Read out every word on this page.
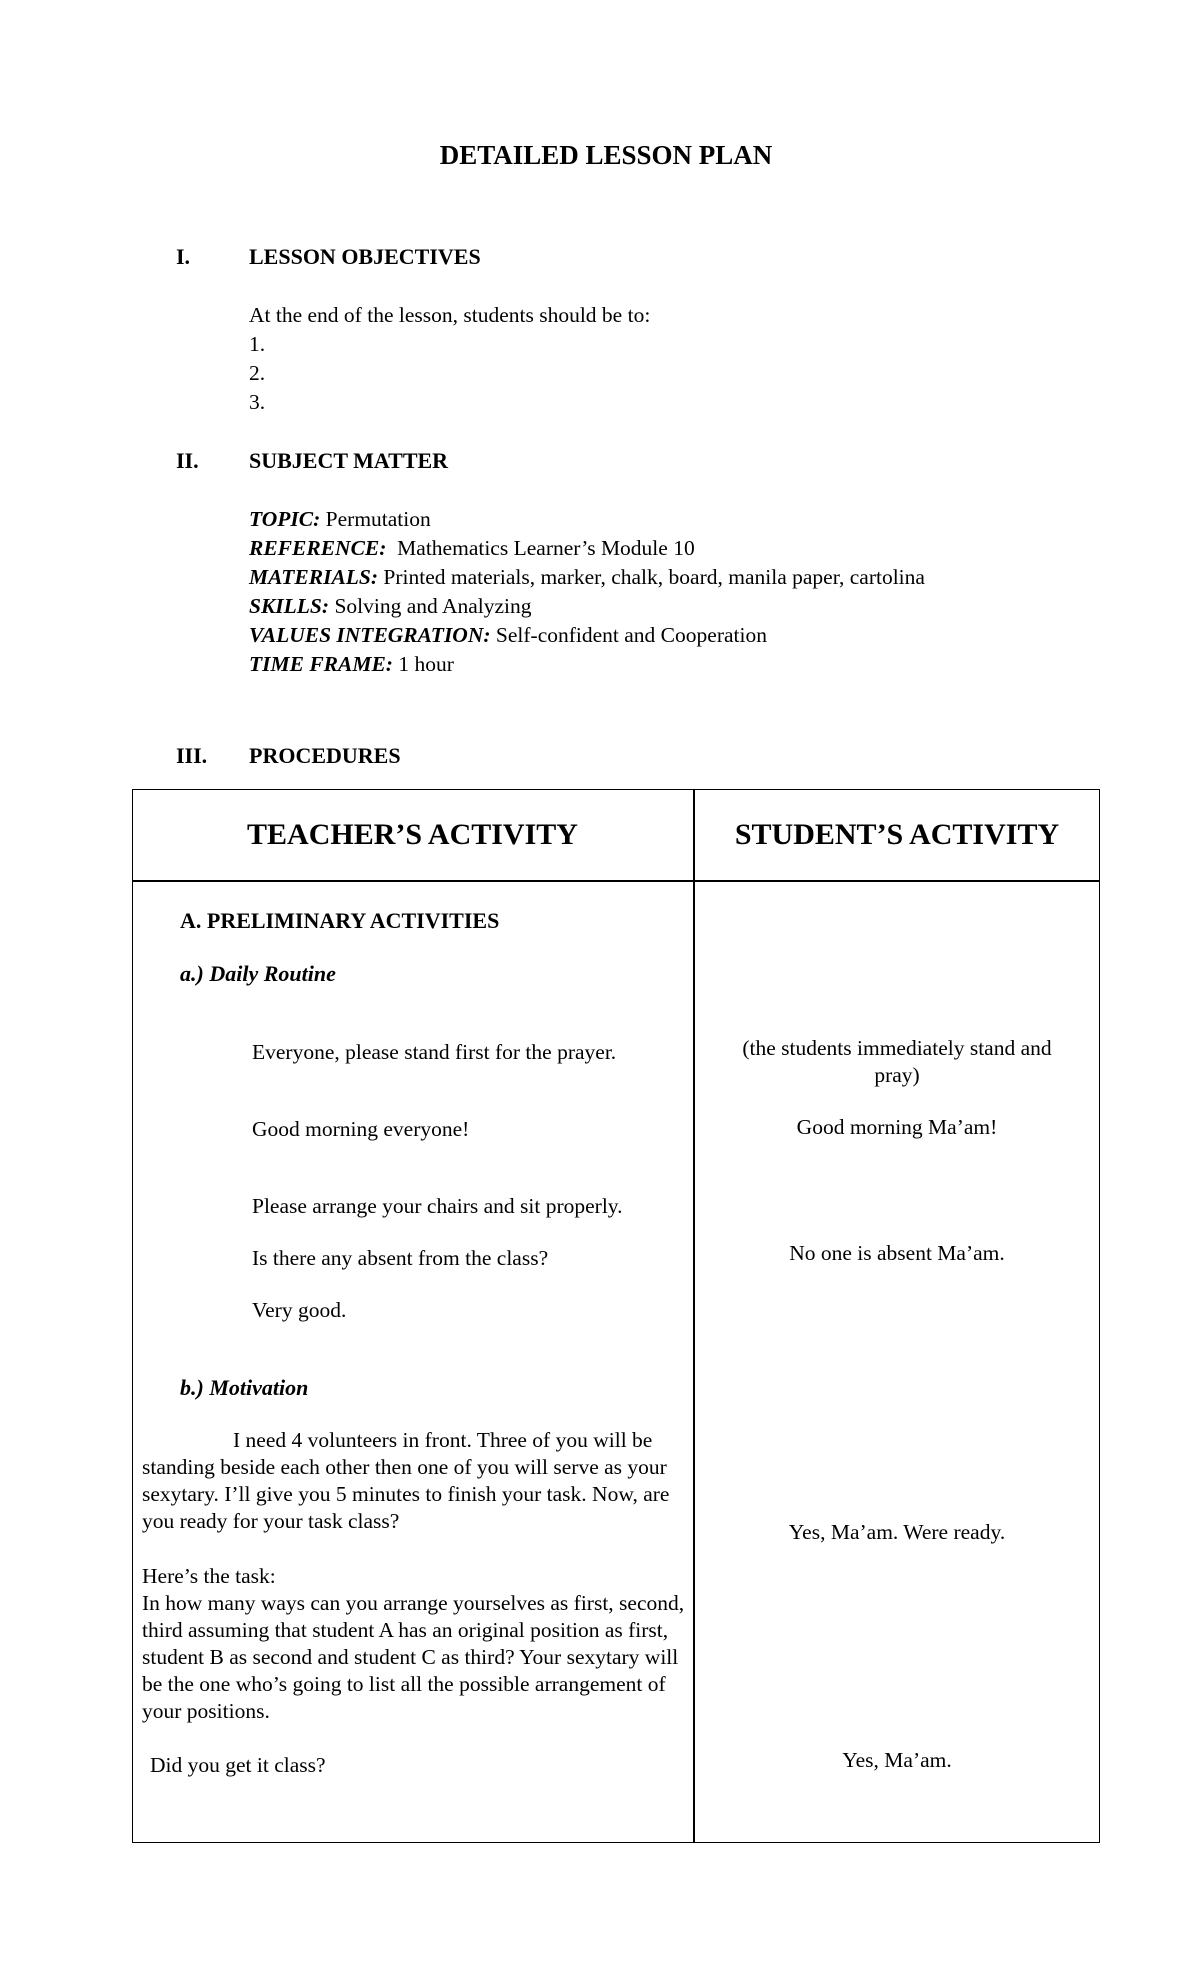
DETAILED LESSON PLAN
I.	LESSON OBJECTIVES
At the end of the lesson, students should be to:
1.
2.
3.
II. SUBJECT MATTER
TOPIC: Permutation
REFERENCE:  Mathematics Learner’s Module 10
MATERIALS: Printed materials, marker, chalk, board, manila paper, cartolina
SKILLS: Solving and Analyzing
VALUES INTEGRATION: Self-confident and Cooperation
TIME FRAME: 1 hour
III. PROCEDURES
TEACHER’S ACTIVITY	STUDENT’S ACTIVITY
A. PRELIMINARY ACTIVITIES
a.) Daily Routine
Everyone, please stand first for the prayer.	(the students immediately stand and
pray)
Good morning everyone!	Good morning Ma’am!
Please arrange your chairs and sit properly.
Is there any absent from the class?	No one is absent Ma’am.
Very good.
b.) Motivation

I need 4 volunteers in front. Three of you will be standing beside each other then one of you will serve as your sexytary. I’ll give you 5 minutes to finish your task. Now, are you ready for your task class?	Yes, Ma’am. Were ready.

Here’s the task:

In how many ways can you arrange yourselves as first, second, third assuming that student A has an original position as first, student B as second and student C as third? Your sexytary will be the one who’s going to list all the possible arrangement of your positions.

Did you get it class?	Yes, Ma’am.
